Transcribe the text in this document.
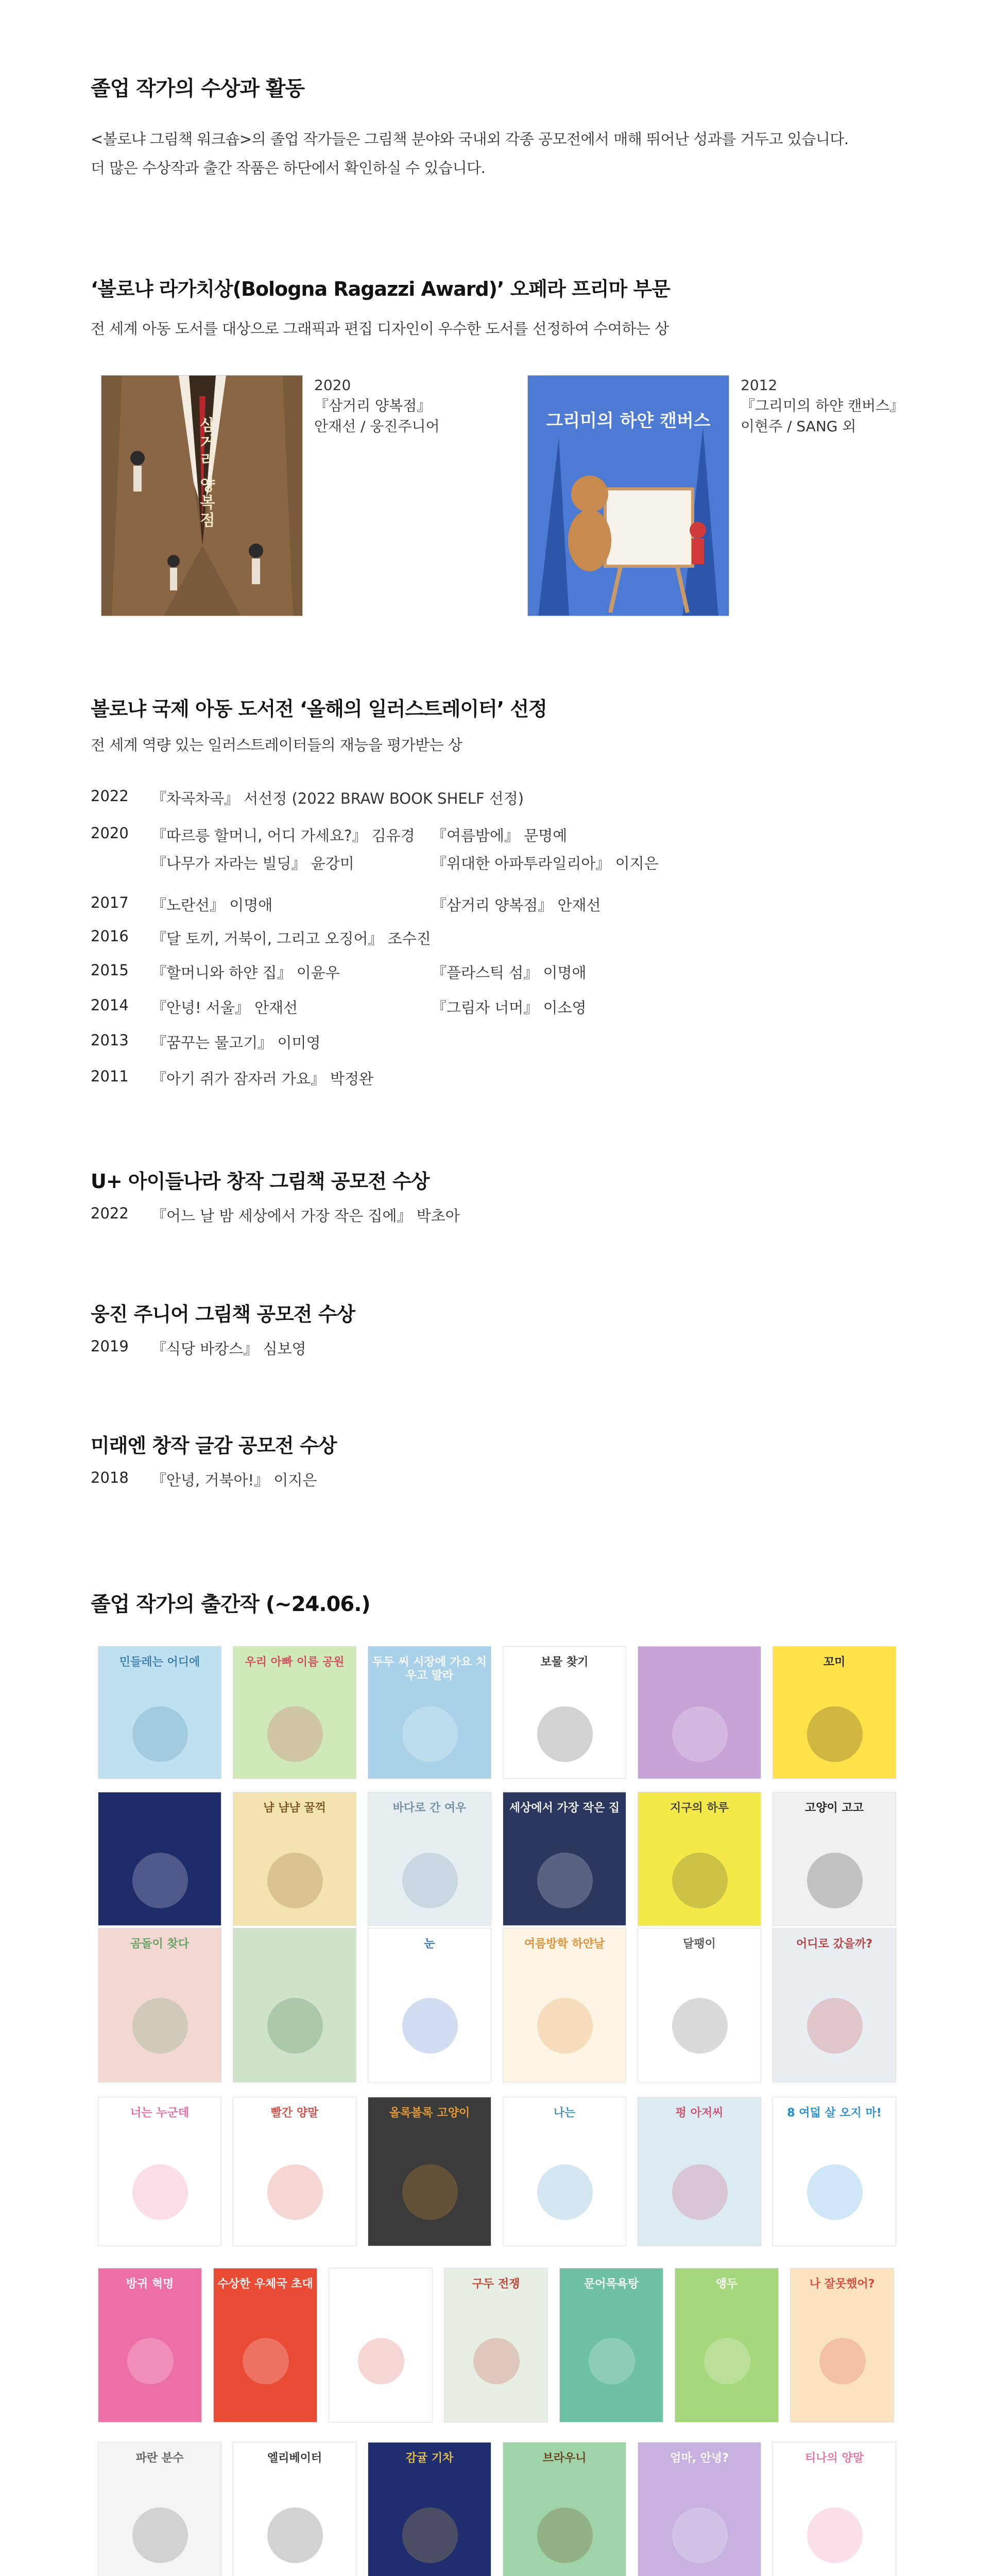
졸업 작가의 수상과 활동
<볼로냐 그림책 워크숍>의 졸업 작가들은 그림책 분야와 국내외 각종 공모전에서 매해 뛰어난 성과를 거두고 있습니다.
더 많은 수상작과 출간 작품은 하단에서 확인하실 수 있습니다.
‘볼로냐 라가치상(Bologna Ragazzi Award)’ 오페라 프리마 부문
전 세계 아동 도서를 대상으로 그래픽과 편집 디자인이 우수한 도서를 선정하여 수여하는 상
삼거리 양복점
2020
『삼거리 양복점』
안재선 / 웅진주니어	그리미의 하얀 캔버스
2012
『그리미의 하얀 캔버스』
이현주 / SANG 외
볼로냐 국제 아동 도서전 ‘올해의 일러스트레이터’ 선정
전 세계 역량 있는 일러스트레이터들의 재능을 평가받는 상
2022 『차곡차곡』 서선정 (2022 BRAW BOOK SHELF 선정)
2020 『따르릉 할머니, 어디 가세요?』 김유경
『나무가 자라는 빌딩』 윤강미
『여름밤에』 문명예
『위대한 아파투라일리아』 이지은
2017 『노란선』 이명애	『삼거리 양복점』 안재선
2016 『달 토끼, 거북이, 그리고 오징어』 조수진
2015 『할머니와 하얀 집』 이윤우	『플라스틱 섬』 이명애
2014 『안녕! 서울』 안재선	『그림자 너머』 이소영
2013 『꿈꾸는 물고기』 이미영
2011 『아기 쥐가 잠자러 가요』 박정완
U+ 아이들나라 창작 그림책 공모전 수상
2022 『어느 날 밤 세상에서 가장 작은 집에』 박초아
웅진 주니어 그림책 공모전 수상
2019 『식당 바캉스』 심보영
미래엔 창작 글감 공모전 수상
2018 『안녕, 거북아!』 이지은
졸업 작가의 출간작 (~24.06.)
민들레는 어디에	우리 아빠 이름 공원	두두 씨 시장에 가요 치우고 말라
보물 찾기	꼬미
냠 냠냠 꿀꺽	바다로 간 여우	세상에서 가장 작은 집	지구의 하루	고양이 고고
곰돌이 찾다	눈	여름방학 하얀날	달팽이	어디로 갔을까?
너는 누군데	빨간 양말	올록볼록 고양이	나는	펑 아저씨	8 여덟 살 오지 마!
방귀 혁명	수상한 우체국 초대	구두 전쟁	문어목욕탕	앵두	나 잘못했어?
파란 분수	엘리베이터	감귤 기차	브라우니	엄마, 안녕?	티나의 양말
